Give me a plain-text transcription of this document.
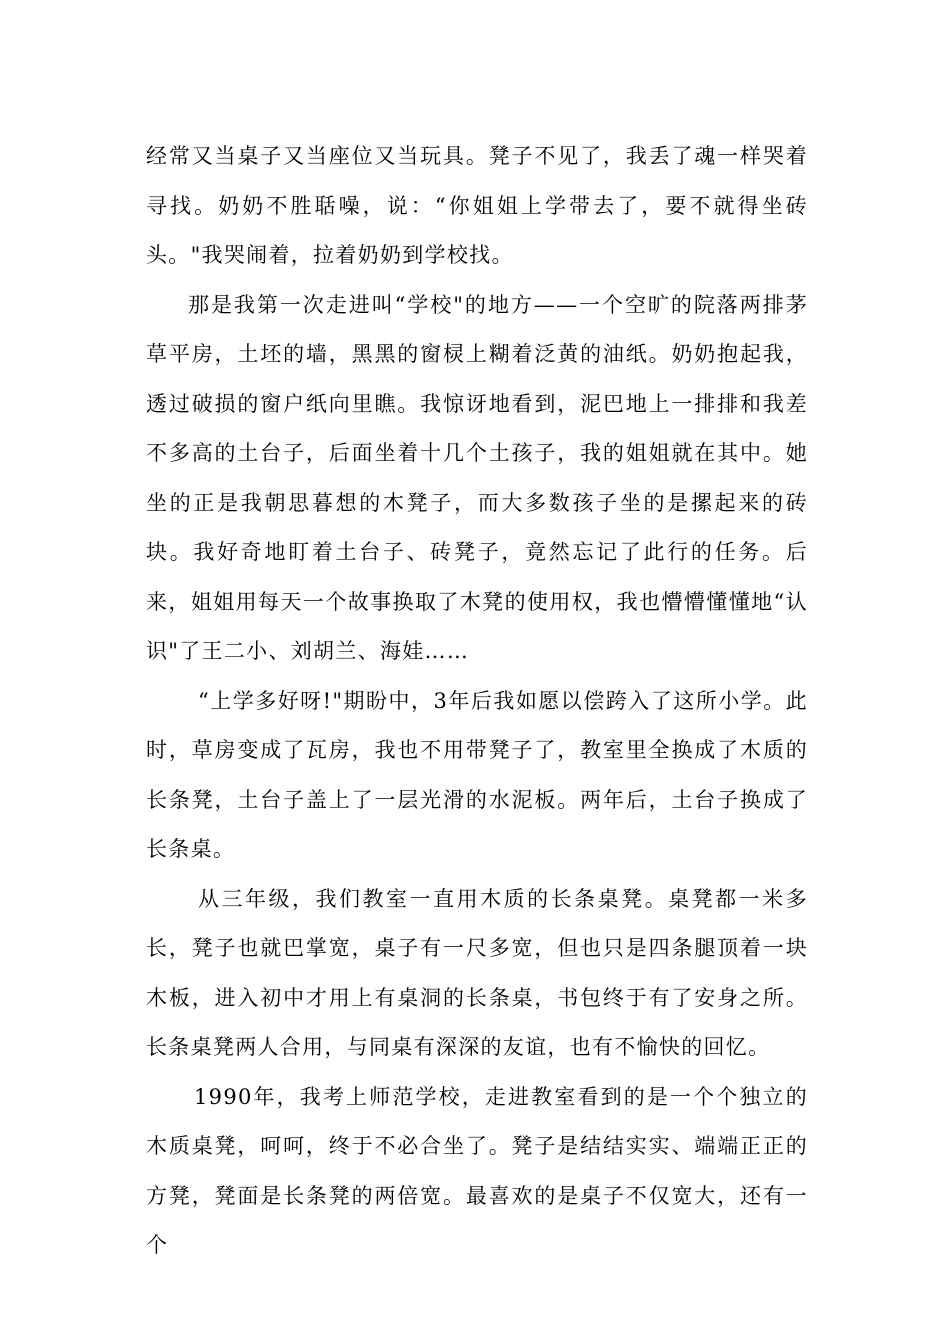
经常又当桌子又当座位又当玩具。凳子不见了，我丢了魂一样哭着寻找。奶奶不胜聒噪，说：“你姐姐上学带去了，要不就得坐砖头。"我哭闹着，拉着奶奶到学校找。

那是我第一次走进叫“学校"的地方——一个空旷的院落两排茅草平房，土坯的墙，黑黑的窗棂上糊着泛黄的油纸。奶奶抱起我，透过破损的窗户纸向里瞧。我惊讶地看到，泥巴地上一排排和我差不多高的土台子，后面坐着十几个土孩子，我的姐姐就在其中。她坐的正是我朝思暮想的木凳子，而大多数孩子坐的是摞起来的砖块。我好奇地盯着土台子、砖凳子，竟然忘记了此行的任务。后来，姐姐用每天一个故事换取了木凳的使用权，我也懵懵懂懂地“认识"了王二小、刘胡兰、海娃……

“上学多好呀!"期盼中，3年后我如愿以偿跨入了这所小学。此时，草房变成了瓦房，我也不用带凳子了，教室里全换成了木质的长条凳，土台子盖上了一层光滑的水泥板。两年后，土台子换成了长条桌。

从三年级，我们教室一直用木质的长条桌凳。桌凳都一米多长，凳子也就巴掌宽，桌子有一尺多宽，但也只是四条腿顶着一块木板，进入初中才用上有桌洞的长条桌，书包终于有了安身之所。长条桌凳两人合用，与同桌有深深的友谊，也有不愉快的回忆。

1990年，我考上师范学校，走进教室看到的是一个个独立的木质桌凳，呵呵，终于不必合坐了。凳子是结结实实、端端正正的方凳，凳面是长条凳的两倍宽。最喜欢的是桌子不仅宽大，还有一个
